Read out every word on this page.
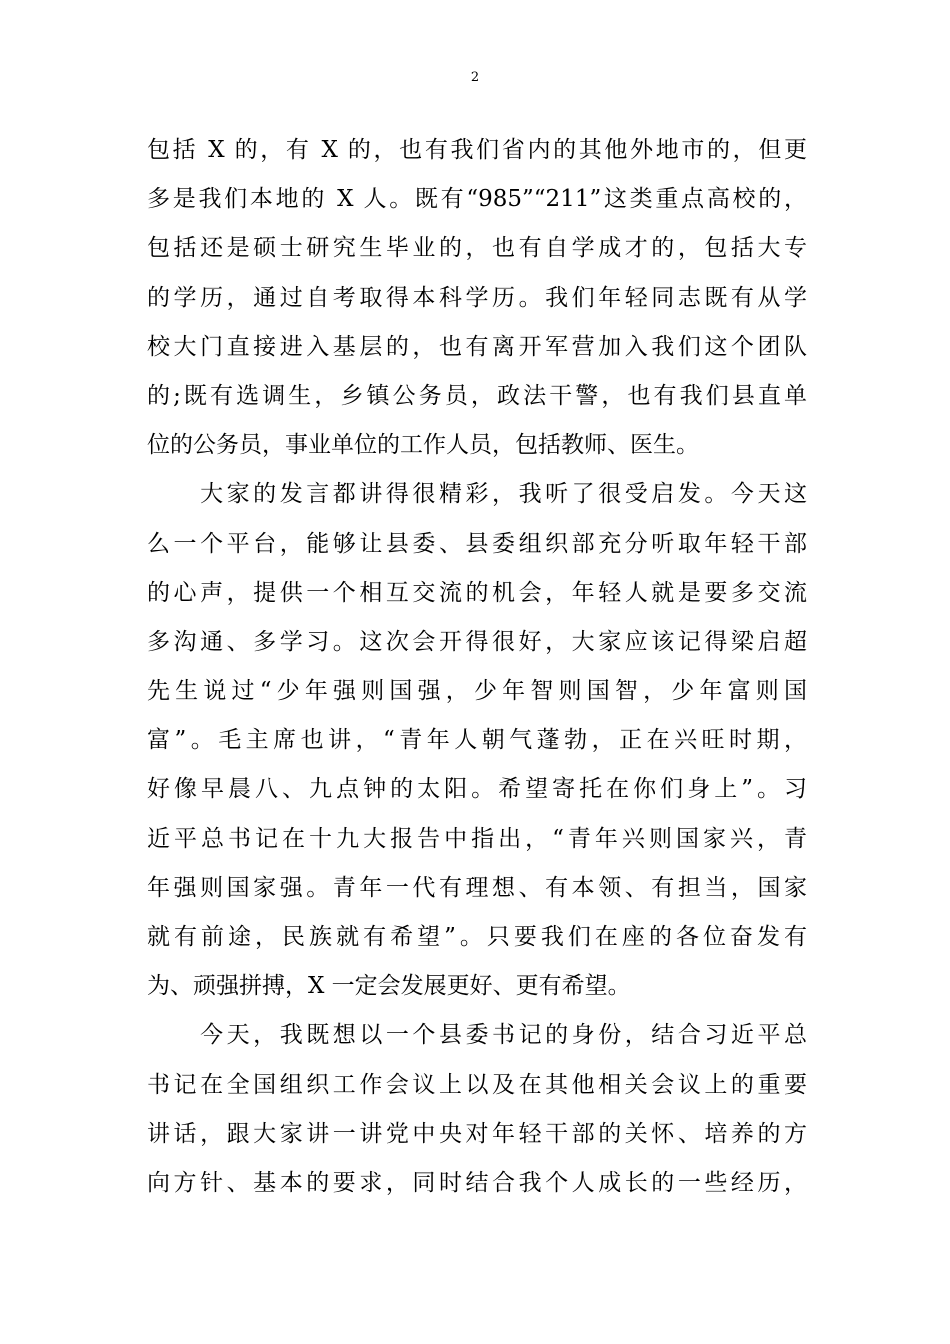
2
包括 X 的，有 X 的，也有我们省内的其他外地市的，但更
多是我们本地的 X 人。既有“985”“211”这类重点高校的，
包括还是硕士研究生毕业的，也有自学成才的，包括大专
的学历，通过自考取得本科学历。我们年轻同志既有从学
校大门直接进入基层的，也有离开军营加入我们这个团队
的;既有选调生，乡镇公务员，政法干警，也有我们县直单
位的公务员，事业单位的工作人员，包括教师、医生。
　　大家的发言都讲得很精彩，我听了很受启发。今天这
么一个平台，能够让县委、县委组织部充分听取年轻干部
的心声，提供一个相互交流的机会，年轻人就是要多交流
多沟通、多学习。这次会开得很好，大家应该记得梁启超
先生说过“少年强则国强，少年智则国智，少年富则国
富”。毛主席也讲，“青年人朝气蓬勃，正在兴旺时期，
好像早晨八、九点钟的太阳。希望寄托在你们身上”。习
近平总书记在十九大报告中指出，“青年兴则国家兴，青
年强则国家强。青年一代有理想、有本领、有担当，国家
就有前途，民族就有希望”。只要我们在座的各位奋发有
为、顽强拼搏，X 一定会发展更好、更有希望。
　　今天，我既想以一个县委书记的身份，结合习近平总
书记在全国组织工作会议上以及在其他相关会议上的重要
讲话，跟大家讲一讲党中央对年轻干部的关怀、培养的方
向方针、基本的要求，同时结合我个人成长的一些经历，
